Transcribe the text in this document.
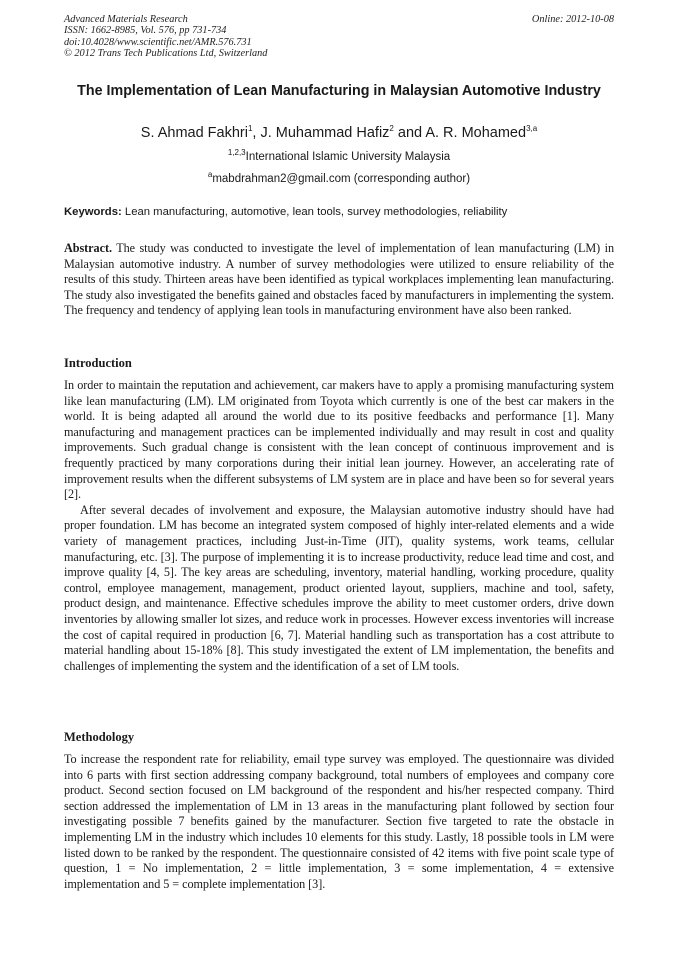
Advanced Materials Research
ISSN: 1662-8985, Vol. 576, pp 731-734
doi:10.4028/www.scientific.net/AMR.576.731
© 2012 Trans Tech Publications Ltd, Switzerland
Online: 2012-10-08
The Implementation of Lean Manufacturing in Malaysian Automotive Industry
S. Ahmad Fakhri$^1$, J. Muhammad Hafiz$^2$ and A. R. Mohamed$^{3,a}$
$^{1,2,3}$International Islamic University Malaysia
$^a$mabdrahman2@gmail.com (corresponding author)
Keywords: Lean manufacturing, automotive, lean tools, survey methodologies, reliability

Abstract. The study was conducted to investigate the level of implementation of lean manufacturing (LM) in Malaysian automotive industry. A number of survey methodologies were utilized to ensure reliability of the results of this study. Thirteen areas have been identified as typical workplaces implementing lean manufacturing. The study also investigated the benefits gained and obstacles faced by manufacturers in implementing the system. The frequency and tendency of applying lean tools in manufacturing environment have also been ranked.

Introduction

In order to maintain the reputation and achievement, car makers have to apply a promising manufacturing system like lean manufacturing (LM). LM originated from Toyota which currently is one of the best car makers in the world. It is being adapted all around the world due to its positive feedbacks and performance [1]. Many manufacturing and management practices can be implemented individually and may result in cost and quality improvements. Such gradual change is consistent with the lean concept of continuous improvement and is frequently practiced by many corporations during their initial lean journey. However, an accelerating rate of improvement results when the different subsystems of LM system are in place and have been so for several years [2].

After several decades of involvement and exposure, the Malaysian automotive industry should have had proper foundation. LM has become an integrated system composed of highly inter-related elements and a wide variety of management practices, including Just-in-Time (JIT), quality systems, work teams, cellular manufacturing, etc. [3]. The purpose of implementing it is to increase productivity, reduce lead time and cost, and improve quality [4, 5]. The key areas are scheduling, inventory, material handling, working procedure, quality control, employee management, management, product oriented layout, suppliers, machine and tool, safety, product design, and maintenance. Effective schedules improve the ability to meet customer orders, drive down inventories by allowing smaller lot sizes, and reduce work in processes. However excess inventories will increase the cost of capital required in production [6, 7]. Material handling such as transportation has a cost attribute to material handling about 15-18% [8]. This study investigated the extent of LM implementation, the benefits and challenges of implementing the system and the identification of a set of LM tools.

Methodology

To increase the respondent rate for reliability, email type survey was employed. The questionnaire was divided into 6 parts with first section addressing company background, total numbers of employees and company core product. Second section focused on LM background of the respondent and his/her respected company. Third section addressed the implementation of LM in 13 areas in the manufacturing plant followed by section four investigating possible 7 benefits gained by the manufacturer. Section five targeted to rate the obstacle in implementing LM in the industry which includes 10 elements for this study. Lastly, 18 possible tools in LM were listed down to be ranked by the respondent. The questionnaire consisted of 42 items with five point scale type of question, 1 = No implementation, 2 = little implementation, 3 = some implementation, 4 = extensive implementation and 5 = complete implementation [3].
